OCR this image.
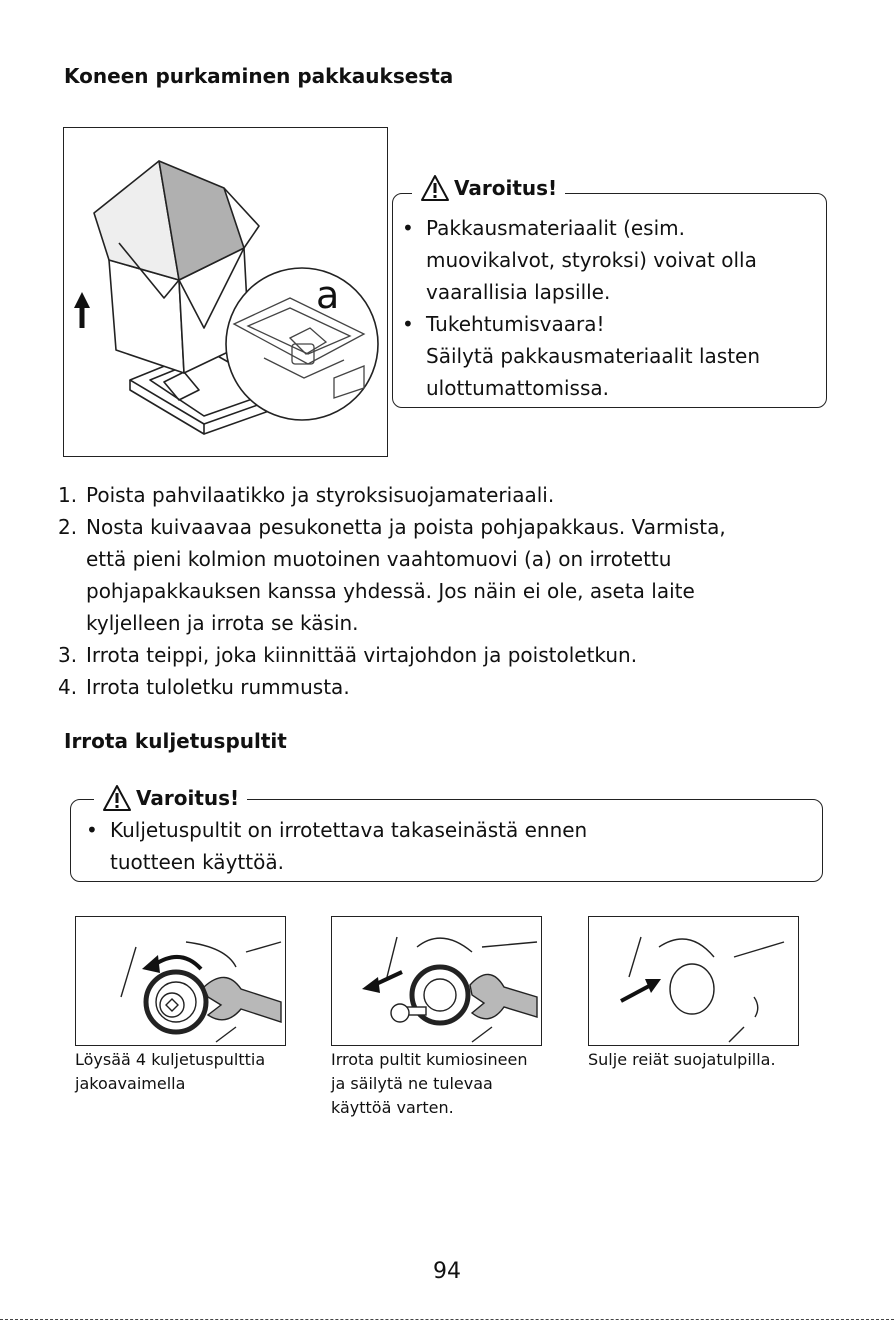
Koneen purkaminen pakkauksesta
a
Varoitus!
• Pakkausmateriaalit (esim.
muovikalvot, styroksi) voivat olla
vaarallisia lapsille.
• Tukehtumisvaara!
Säilytä pakkausmateriaalit lasten
ulottumattomissa.
1. Poista pahvilaatikko ja styroksisuojamateriaali.
2. Nosta kuivaavaa pesukonetta ja poista pohjapakkaus. Varmista,
että pieni kolmion muotoinen vaahtomuovi (a) on irrotettu
pohjapakkauksen kanssa yhdessä. Jos näin ei ole, aseta laite
kyljelleen ja irrota se käsin.
3. Irrota teippi, joka kiinnittää virtajohdon ja poistoletkun.
4. Irrota tuloletku rummusta.
Irrota kuljetuspultit
Varoitus!
• Kuljetuspultit on irrotettava takaseinästä ennen
tuotteen käyttöä.
Löysää 4 kuljetuspulttia
jakoavaimella
Irrota pultit kumiosineen
ja säilytä ne tulevaa
käyttöä varten.
Sulje reiät suojatulpilla.
94
